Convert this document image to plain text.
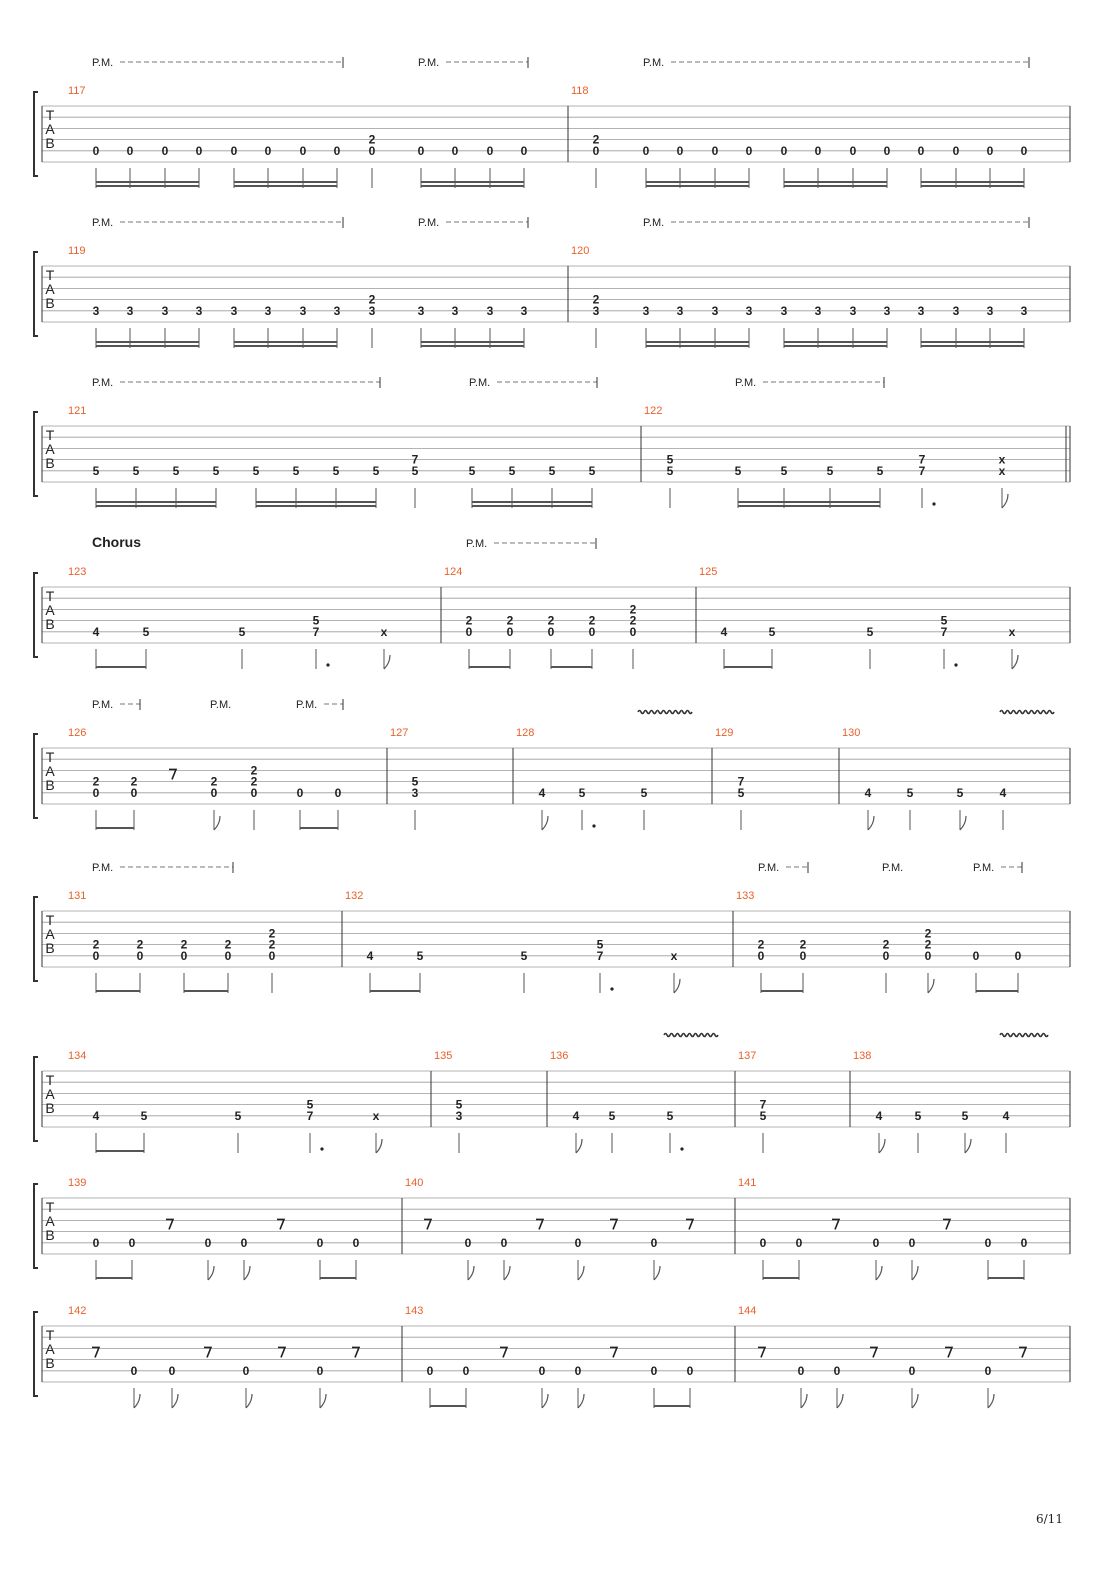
T
A
B
117	118
0 0 0 0 0 0 0 0
2
0	0 0 0 0
2
0	0 0 0 0 0 0 0 0 0 0 0 0
P.M.	P.M.	P.M.
T
A
B
119	120
3 3 3 3 3 3 3 3
2
3	3 3 3 3
2
3	3 3 3 3 3 3 3 3 3 3 3 3
P.M.	P.M.	P.M.
T
A
B
121	122
5	5	5	5	5	5	5	5
7
5	5	5	5	5
5
5	5	5	5	5
7
7
x
x
P.M.	P.M.	P.M.
T
A
B
123	124	125
4	5	5
5
7	x
2
0
2
0
2
0
2
0
2
2
0	4	5	5
5
7	x
P.M.
T
A
B
126	127	128	129	130
2
0
2
0
2
0
2
2
0	0	0
5
3	4	5	5
7
5	4	5	5	4
P.M.	P.M.	P.M.
T
A
B
131	132	133
2
0
2
0
2
0
2
0
2
2
0	4	5	5
5
7	x
2
0
2
0
2
0
2
2
0	0	0
P.M.	P.M.	P.M.	P.M.
T
A
B
134	135	136	137	138
4	5	5
5
7	x
5
3	4 5	5
7
5	4	5	5	4
T
A
B
139	140	141
0 0	0 0	0 0	0 0	0	0	0 0	0 0	0 0
T
A
B
142	143	144
0	0	0	0	0 0	0 0	0 0	0 0	0	0
Chorus
6/11
